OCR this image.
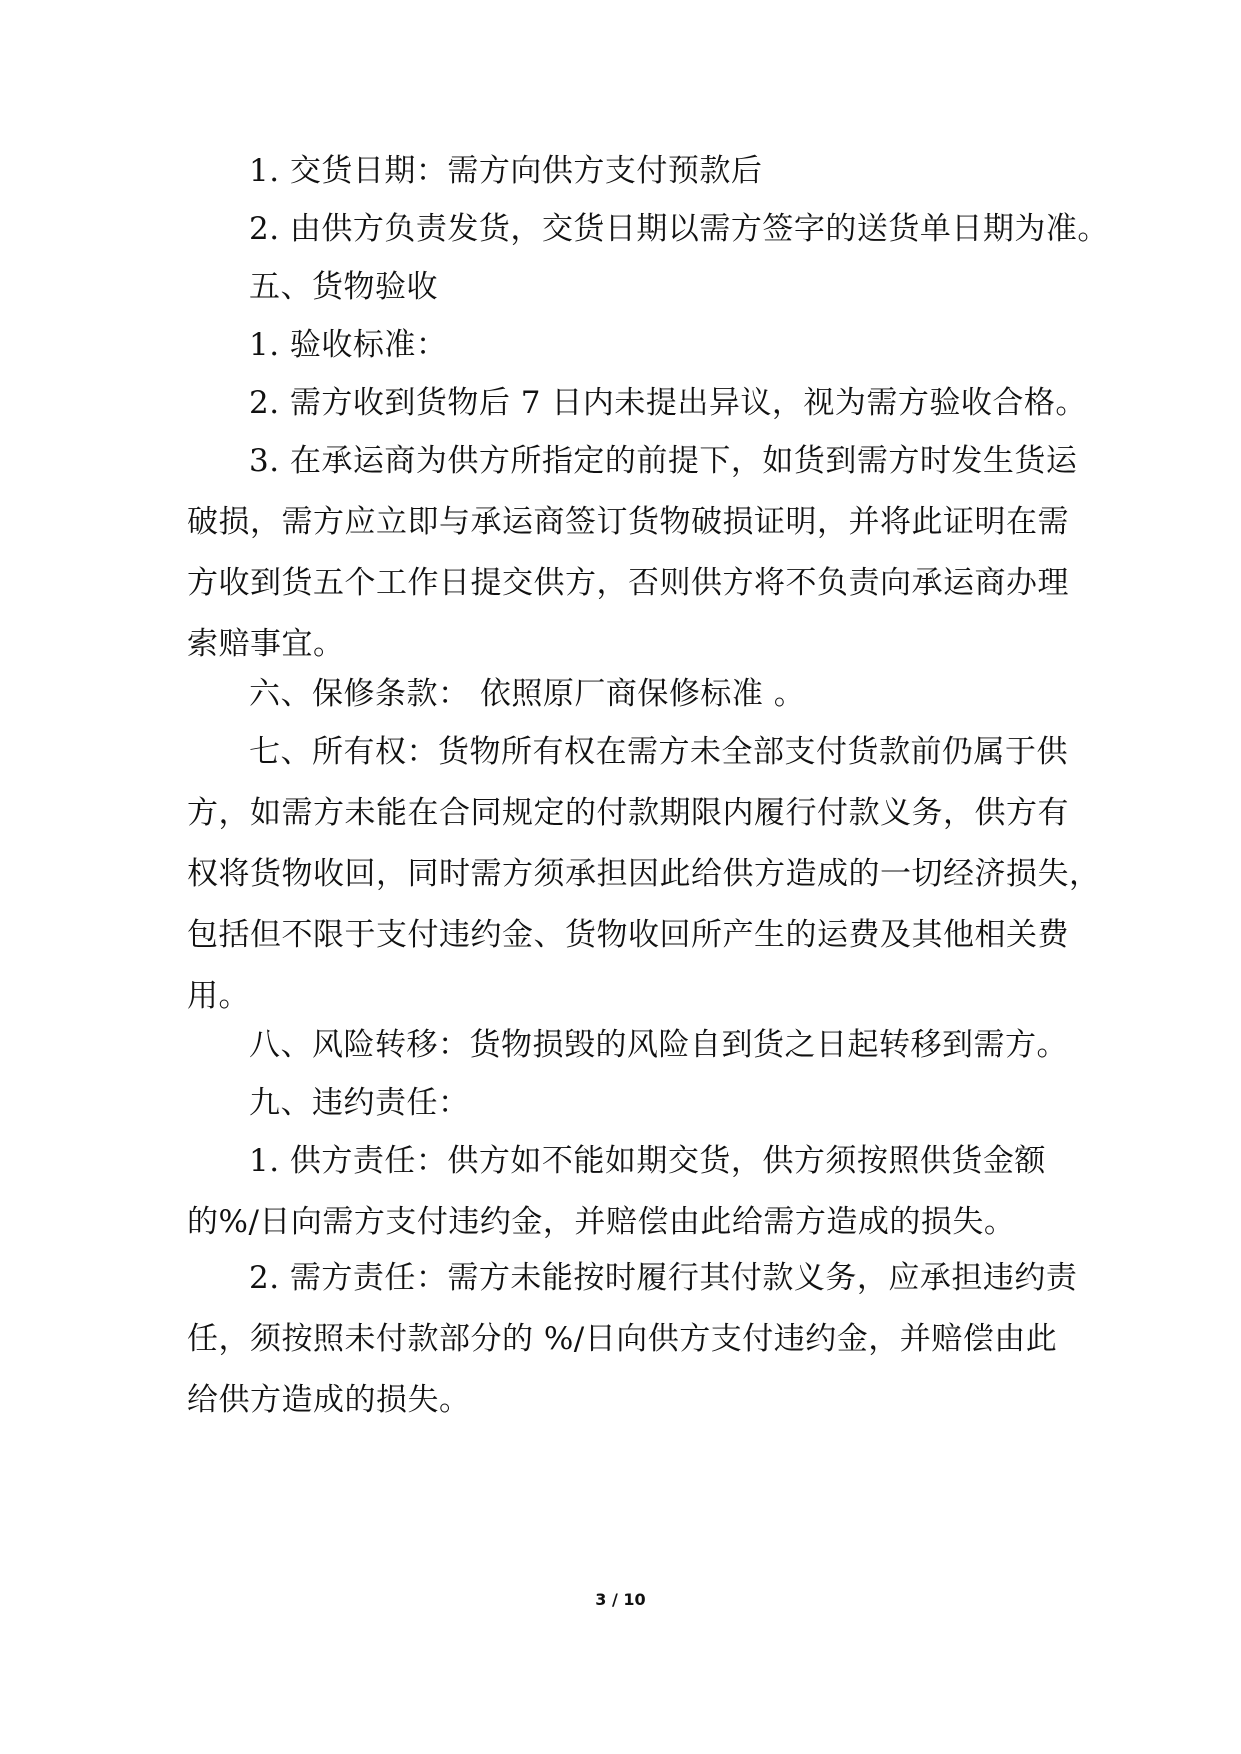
1. 交货日期：需方向供方支付预款后
2. 由供方负责发货，交货日期以需方签字的送货单日期为准。
五、货物验收
1. 验收标准：
2. 需方收到货物后 7 日内未提出异议，视为需方验收合格。
3. 在承运商为供方所指定的前提下，如货到需方时发生货运
破损，需方应立即与承运商签订货物破损证明，并将此证明在需
方收到货五个工作日提交供方，否则供方将不负责向承运商办理
索赔事宜。
六、保修条款： 依照原厂商保修标准 。
七、所有权：货物所有权在需方未全部支付货款前仍属于供
方，如需方未能在合同规定的付款期限内履行付款义务，供方有
权将货物收回，同时需方须承担因此给供方造成的一切经济损失，
包括但不限于支付违约金、货物收回所产生的运费及其他相关费
用。
八、风险转移：货物损毁的风险自到货之日起转移到需方。
九、违约责任：
1. 供方责任：供方如不能如期交货，供方须按照供货金额
的%/日向需方支付违约金，并赔偿由此给需方造成的损失。
2. 需方责任：需方未能按时履行其付款义务，应承担违约责
任，须按照未付款部分的 %/日向供方支付违约金，并赔偿由此
给供方造成的损失。
3 / 10
